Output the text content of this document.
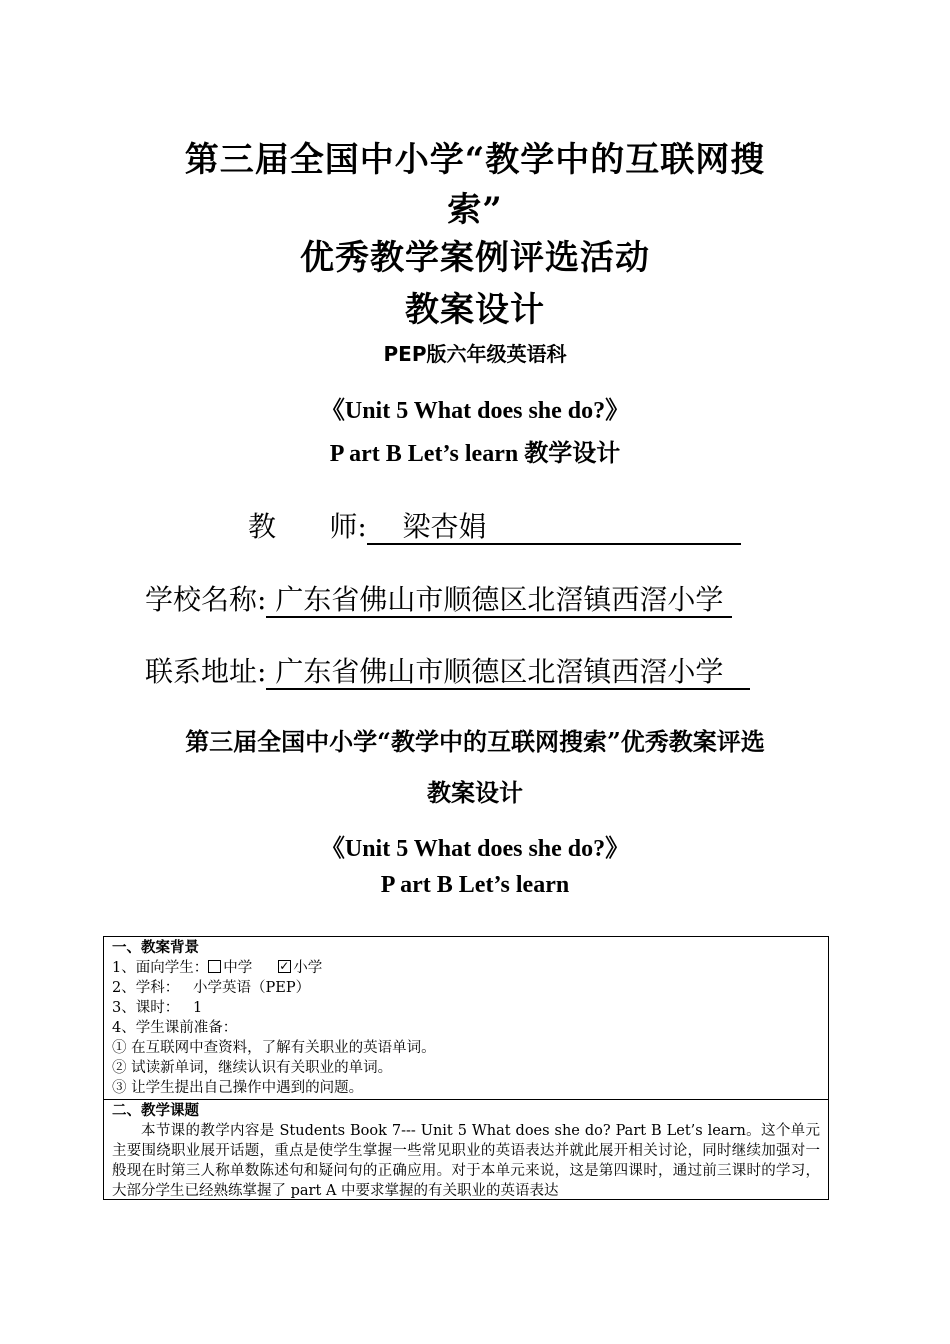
第三届全国中小学“教学中的互联网搜
索”
优秀教学案例评选活动
教案设计
PEP版六年级英语科
《Unit 5 What does she do?》
P art B Let’s learn 教学设计
教      师:    梁杏娟
学校名称: 广东省佛山市顺德区北滘镇西滘小学
联系地址: 广东省佛山市顺德区北滘镇西滘小学
第三届全国中小学“教学中的互联网搜索”优秀教案评选
教案设计
《Unit 5 What does she do?》
P art B Let’s learn
一、教案背景
1、面向学生： 中学✓	小学
2、学科：   小学英语（PEP）
3、课时：   1
4、学生课前准备：
① 在互联网中查资料，了解有关职业的英语单词。
② 试读新单词，继续认识有关职业的单词。
③ 让学生提出自己操作中遇到的问题。
二、教学课题
本节课的教学内容是 Students Book 7--- Unit 5 What does she do? Part B Let’s learn。这个单元主要围绕职业展开话题，重点是使学生掌握一些常见职业的英语表达并就此展开相关讨论，同时继续加强对一般现在时第三人称单数陈述句和疑问句的正确应用。对于本单元来说，这是第四课时，通过前三课时的学习，大部分学生已经熟练掌握了 part A 中要求掌握的有关职业的英语表达
